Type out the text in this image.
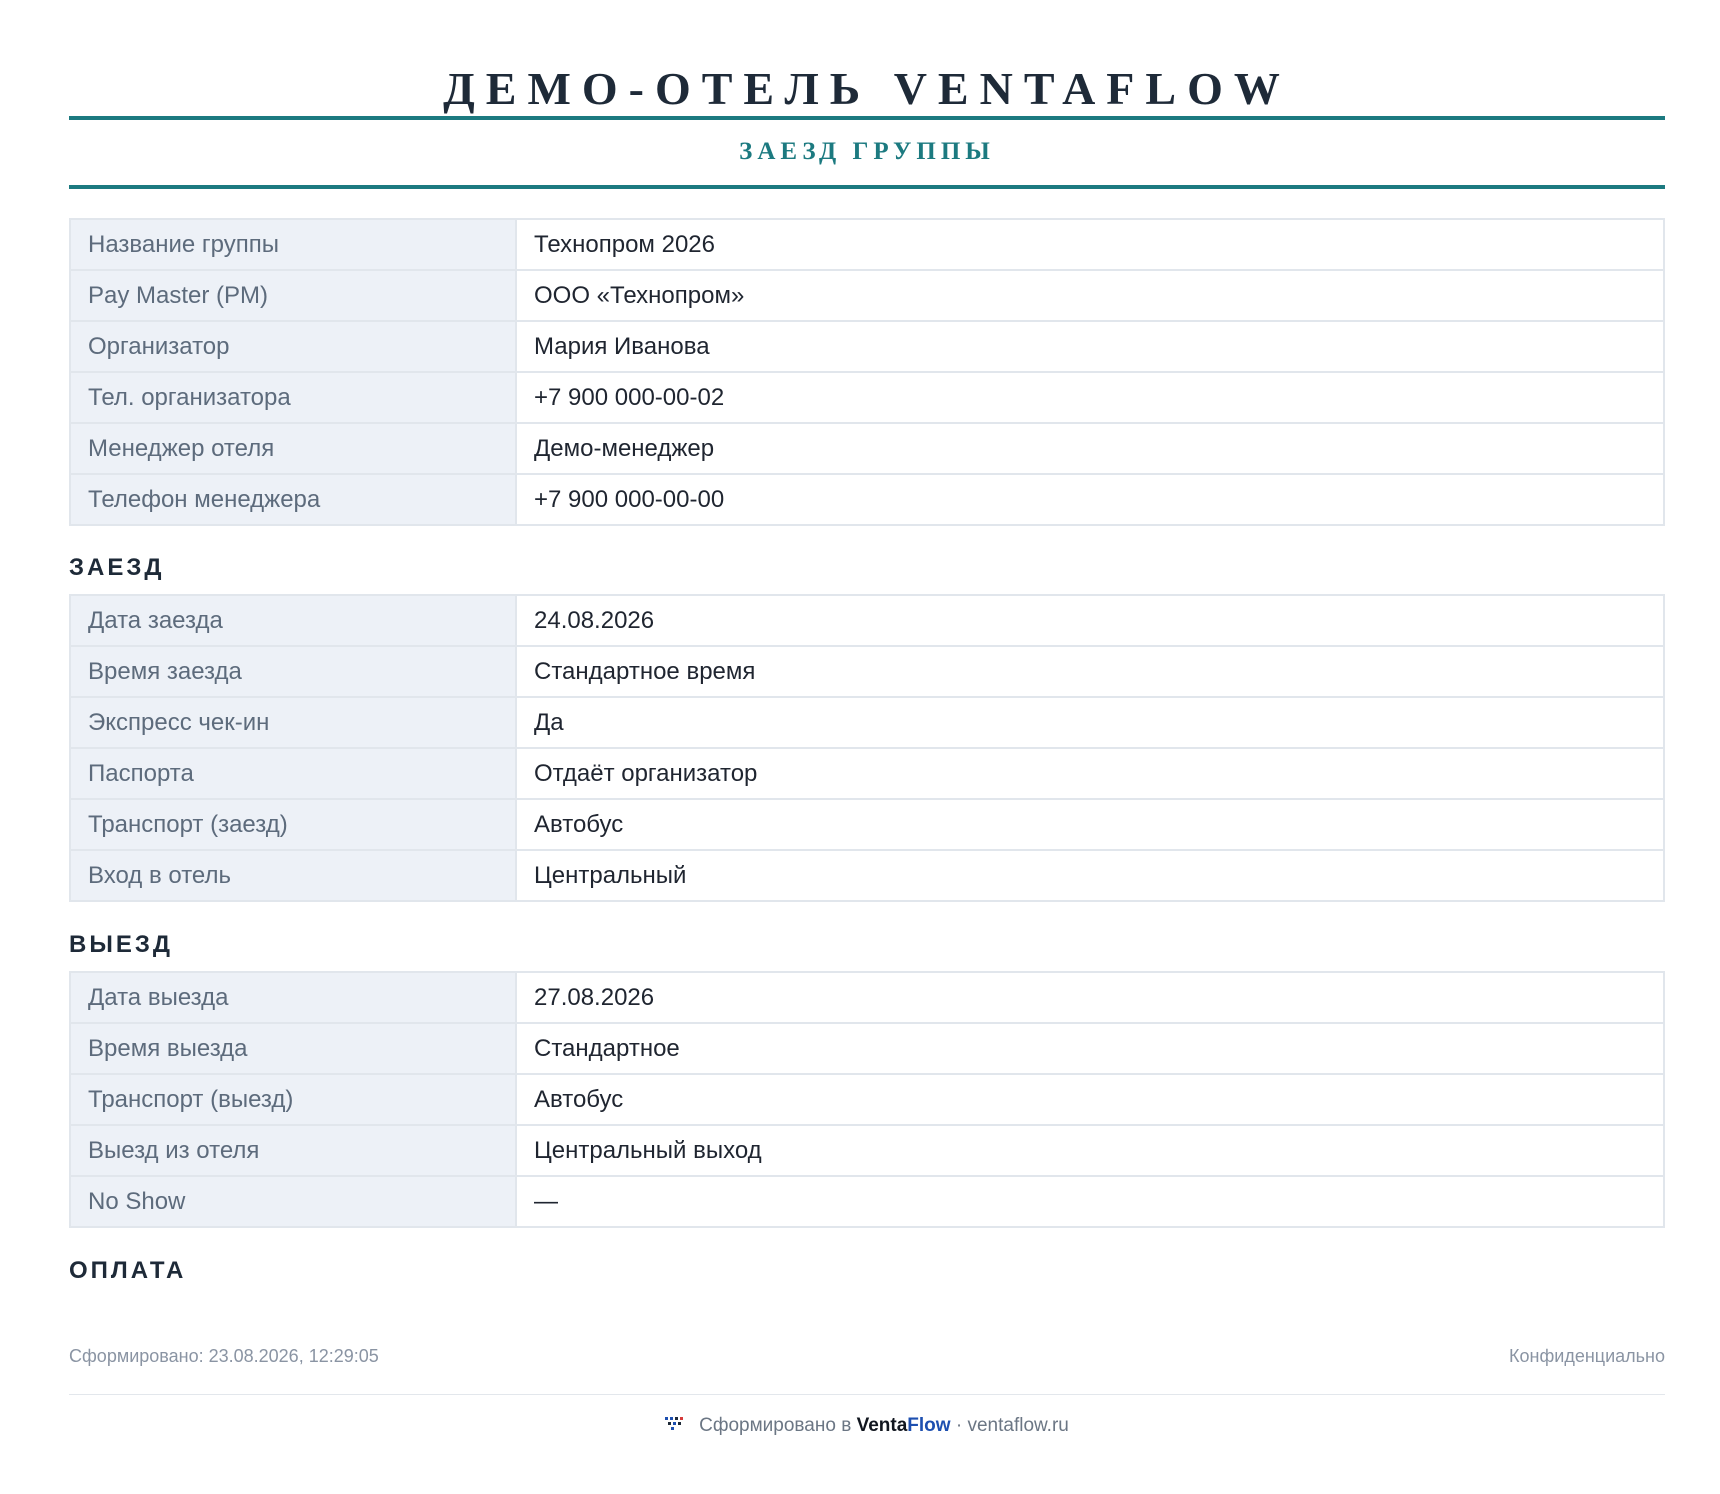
ДЕМО-ОТЕЛЬ VENTAFLOW
ЗАЕЗД ГРУППЫ
Название группы	Технопром 2026
Pay Master (PM)	ООО «Технопром»
Организатор	Мария Иванова
Тел. организатора	+7 900 000-00-02
Менеджер отеля	Демо-менеджер
Телефон менеджера	+7 900 000-00-00
ЗАЕЗД
Дата заезда	24.08.2026
Время заезда	Стандартное время
Экспресс чек-ин	Да
Паспорта	Отдаёт организатор
Транспорт (заезд)	Автобус
Вход в отель	Центральный
ВЫЕЗД
Дата выезда	27.08.2026
Время выезда	Стандартное
Транспорт (выезд)	Автобус
Выезд из отеля	Центральный выход
No Show	—
ОПЛАТА
Сформировано: 23.08.2026, 12:29:05	Конфиденциально
Сформировано в VentaFlow · ventaflow.ru
